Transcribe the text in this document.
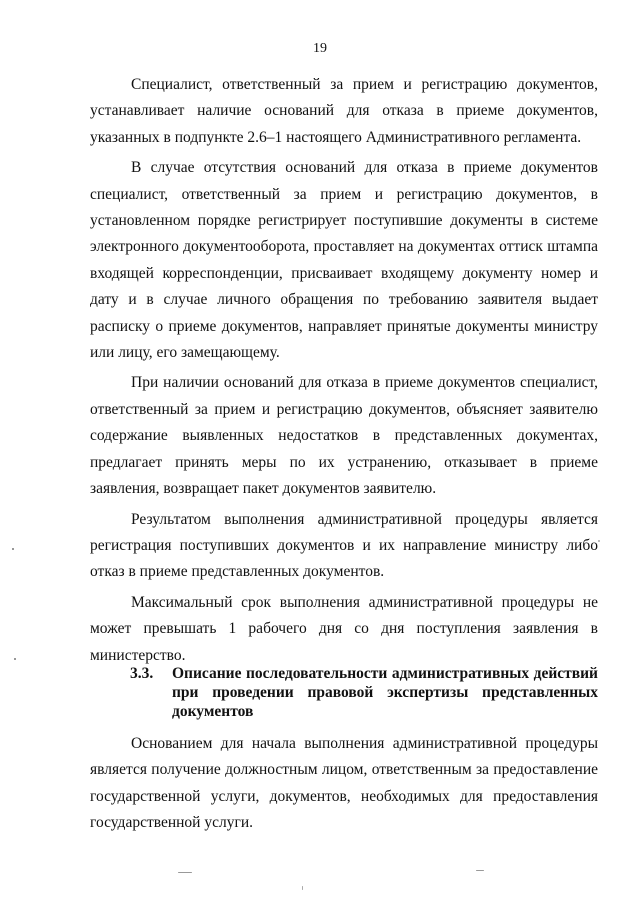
19

Специалист, ответственный за прием и регистрацию документов, устанавливает наличие оснований для отказа в приеме документов, указанных в подпункте 2.6–1 настоящего Административного регламента.

В случае отсутствия оснований для отказа в приеме документов специалист, ответственный за прием и регистрацию документов, в установленном порядке регистрирует поступившие документы в системе электронного документооборота, проставляет на документах оттиск штампа входящей корреспонденции, присваивает входящему документу номер и дату и в случае личного обращения по требованию заявителя выдает расписку о приеме документов, направляет принятые документы министру или лицу, его замещающему.

При наличии оснований для отказа в приеме документов специалист, ответственный за прием и регистрацию документов, объясняет заявителю содержание выявленных недостатков в представленных документах, предлагает принять меры по их устранению, отказывает в приеме заявления, возвращает пакет документов заявителю.

Результатом выполнения административной процедуры является регистрация поступивших документов и их направление министру либо отказ в приеме представленных документов.

Максимальный срок выполнения административной процедуры не может превышать 1 рабочего дня со дня поступления заявления в министерство.

3.3. Описание последовательности административных действий при проведении правовой экспертизы представленных документов

Основанием для начала выполнения административной процедуры является получение должностным лицом, ответственным за предоставление государственной услуги, документов, необходимых для предоставления государственной услуги.
